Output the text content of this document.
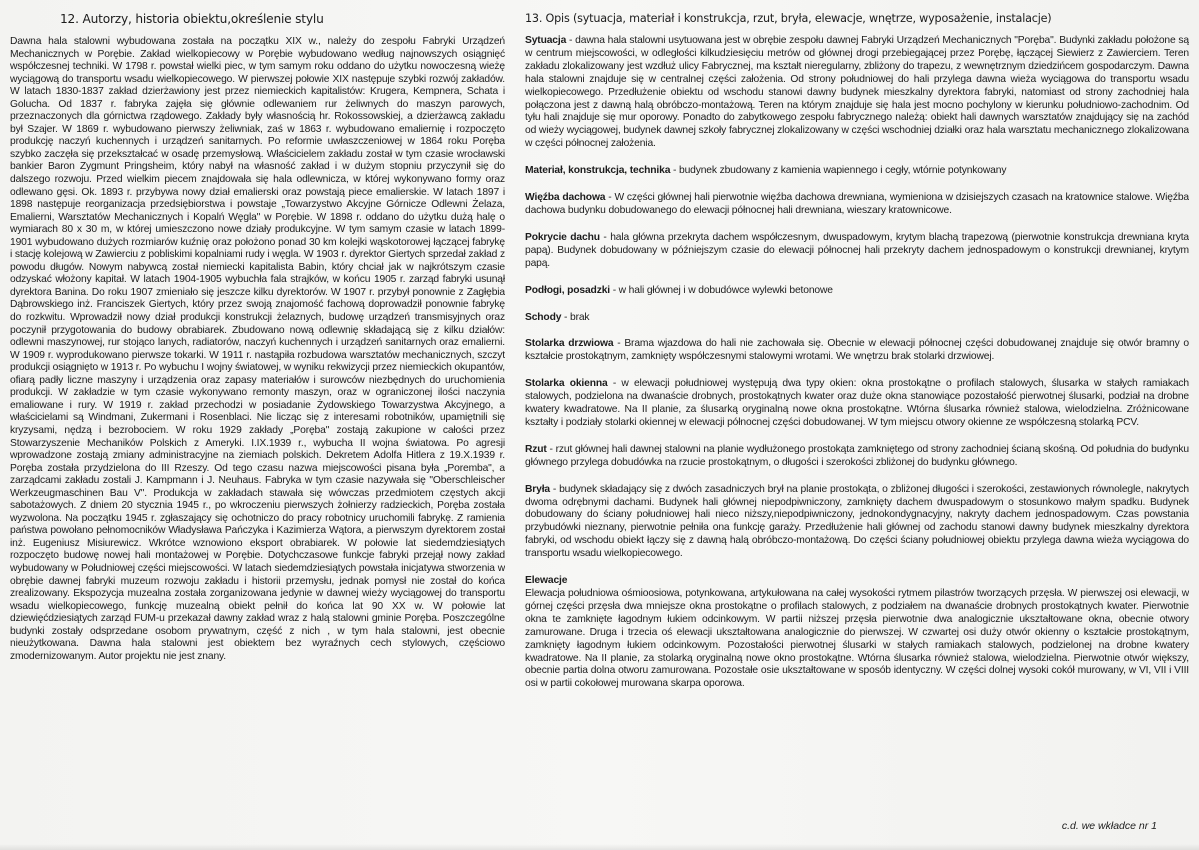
12. Autorzy, historia obiektu,określenie stylu

Dawna hala stalowni wybudowana została na początku XIX w., należy do zespołu Fabryki Urządzeń Mechanicznych w Porębie. Zakład wielkopiecowy w Porębie wybudowano według najnowszych osiągnięć współczesnej techniki. W 1798 r. powstał wielki piec, w tym samym roku oddano do użytku nowoczesną wieżę wyciągową do transportu wsadu wielkopiecowego. W pierwszej połowie XIX następuje szybki rozwój zakładów. W latach 1830-1837 zakład dzierżawiony jest przez niemieckich kapitalistów: Krugera, Kempnera, Schata i Golucha. Od 1837 r. fabryka zajęła się głównie odlewaniem rur żeliwnych do maszyn parowych, przeznaczonych dla górnictwa rządowego. Zakłady były własnością hr. Rokossowskiej, a dzierżawcą zakładu był Szajer. W 1869 r. wybudowano pierwszy żeliwniak, zaś w 1863 r. wybudowano emaliernię i rozpoczęto produkcję naczyń kuchennych i urządzeń sanitarnych. Po reformie uwłaszczeniowej w 1864 roku Poręba szybko zaczęła się przekształcać w osadę przemysłową. Właścicielem zakładu został w tym czasie wrocławski bankier Baron Zygmunt Pringsheim, który nabył na własność zakład i w dużym stopniu przyczynił się do dalszego rozwoju. Przed wielkim piecem znajdowała się hala odlewnicza, w której wykonywano formy oraz odlewano gęsi. Ok. 1893 r. przybywa nowy dział emalierski oraz powstają piece emalierskie. W latach 1897 i 1898 następuje reorganizacja przedsiębiorstwa i powstaje „Towarzystwo Akcyjne Górnicze Odlewni Żelaza, Emalierni, Warsztatów Mechanicznych i Kopalń Węgla" w Porębie. W 1898 r. oddano do użytku dużą halę o wymiarach 80 x 30 m, w której umieszczono nowe działy produkcyjne. W tym samym czasie w latach 1899-1901 wybudowano dużych rozmiarów kuźnię oraz położono ponad 30 km kolejki wąskotorowej łączącej fabrykę i stację kolejową w Zawierciu z pobliskimi kopalniami rudy i węgla. W 1903 r. dyrektor Giertych sprzedał zakład z powodu długów. Nowym nabywcą został niemiecki kapitalista Babin, który chciał jak w najkrótszym czasie odzyskać włożony kapitał. W latach 1904-1905 wybuchła fala strajków, w końcu 1905 r. zarząd fabryki usunął dyrektora Banina. Do roku 1907 zmieniało się jeszcze kilku dyrektorów. W 1907 r. przybył ponownie z Zagłębia Dąbrowskiego inż. Franciszek Giertych, który przez swoją znajomość fachową doprowadził ponownie fabrykę do rozkwitu. Wprowadził nowy dział produkcji konstrukcji żelaznych, budowę urządzeń transmisyjnych oraz poczynił przygotowania do budowy obrabiarek. Zbudowano nową odlewnię składającą się z kilku działów: odlewni maszynowej, rur stojąco lanych, radiatorów, naczyń kuchennych i urządzeń sanitarnych oraz emalierni. W 1909 r. wyprodukowano pierwsze tokarki. W 1911 r. nastąpiła rozbudowa warsztatów mechanicznych, szczyt produkcji osiągnięto w 1913 r. Po wybuchu I wojny światowej, w wyniku rekwizycji przez niemieckich okupantów, ofiarą padły liczne maszyny i urządzenia oraz zapasy materiałów i surowców niezbędnych do uruchomienia produkcji. W zakładzie w tym czasie wykonywano remonty maszyn, oraz w ograniczonej ilości naczynia emaliowane i rury. W 1919 r. zakład przechodzi w posiadanie Żydowskiego Towarzystwa Akcyjnego, a właścicielami są Windmani, Zukermani i Rosenblaci. Nie licząc się z interesami robotników, upamiętnili się kryzysami, nędzą i bezrobociem. W roku 1929 zakłady „Poręba" zostają zakupione w całości przez Stowarzyszenie Mechaników Polskich z Ameryki. I.IX.1939 r., wybucha II wojna światowa. Po agresji wprowadzone zostają zmiany administracyjne na ziemiach polskich. Dekretem Adolfa Hitlera z 19.X.1939 r. Poręba została przydzielona do III Rzeszy. Od tego czasu nazwa miejscowości pisana była „Poremba", a zarządcami zakładu zostali J. Kampmann i J. Neuhaus. Fabryka w tym czasie nazywała się "Oberschleischer Werkzeugmaschinen Bau V". Produkcja w zakładach stawała się wówczas przedmiotem częstych akcji sabotażowych. Z dniem 20 stycznia 1945 r., po wkroczeniu pierwszych żołnierzy radzieckich, Poręba została wyzwolona. Na początku 1945 r. zgłaszający się ochotniczo do pracy robotnicy uruchomili fabrykę. Z ramienia państwa powołano pełnomocników Władysława Pańczyka i Kazimierza Wątora, a pierwszym dyrektorem został inż. Eugeniusz Misiurewicz. Wkrótce wznowiono eksport obrabiarek. W połowie lat siedemdziesiątych rozpoczęto budowę nowej hali montażowej w Porębie. Dotychczasowe funkcje fabryki przejął nowy zakład wybudowany w Południowej części miejscowości. W latach siedemdziesiątych powstała inicjatywa stworzenia w obrębie dawnej fabryki muzeum rozwoju zakładu i historii przemysłu, jednak pomysł nie został do końca zrealizowany. Ekspozycja muzealna została zorganizowana jedynie w dawnej wieży wyciągowej do transportu wsadu wielkopiecowego, funkcję muzealną obiekt pełnił do końca lat 90 XX w. W połowie lat dziewięćdziesiątych zarząd FUM-u przekazał dawny zakład wraz z halą stalowni gminie Poręba. Poszczególne budynki zostały odsprzedane osobom prywatnym, część z nich , w tym hala stalowni, jest obecnie nieużytkowana. Dawna hala stalowni jest obiektem bez wyraźnych cech stylowych, częściowo zmodernizowanym. Autor projektu nie jest znany.

13. Opis (sytuacja, materiał i konstrukcja, rzut, bryła, elewacje, wnętrze, wyposażenie, instalacje)

Sytuacja - dawna hala stalowni usytuowana jest w obrębie zespołu dawnej Fabryki Urządzeń Mechanicznych "Poręba". Budynki zakładu położone są w centrum miejscowości, w odległości kilkudziesięciu metrów od głównej drogi przebiegającej przez Porębę, łączącej Siewierz z Zawierciem. Teren zakładu zlokalizowany jest wzdłuż ulicy Fabrycznej, ma kształt nieregularny, zbliżony do trapezu, z wewnętrznym dziedzińcem gospodarczym. Dawna hala stalowni znajduje się w centralnej części założenia. Od strony południowej do hali przylega dawna wieża wyciągowa do transportu wsadu wielkopiecowego. Przedłużenie obiektu od wschodu stanowi dawny budynek mieszkalny dyrektora fabryki, natomiast od strony zachodniej hala połączona jest z dawną halą obróbczo-montażową. Teren na którym znajduje się hala jest mocno pochylony w kierunku południowo-zachodnim. Od tyłu hali znajduje się mur oporowy. Ponadto do zabytkowego zespołu fabrycznego należą: obiekt hali dawnych warsztatów znajdujący się na zachód od wieży wyciągowej, budynek dawnej szkoły fabrycznej zlokalizowany w części wschodniej działki oraz hala warsztatu mechanicznego zlokalizowana w części północnej założenia.

Materiał, konstrukcja, technika - budynek zbudowany z kamienia wapiennego i cegły, wtórnie potynkowany

Więźba dachowa - W części głównej hali pierwotnie więźba dachowa drewniana, wymieniona w dzisiejszych czasach na kratownice stalowe. Więźba dachowa budynku dobudowanego do elewacji północnej hali drewniana, wieszary kratownicowe.

Pokrycie dachu - hala główna przekryta dachem współczesnym, dwuspadowym, krytym blachą trapezową (pierwotnie konstrukcja drewniana kryta papą). Budynek dobudowany w późniejszym czasie do elewacji północnej hali przekryty dachem jednospadowym o konstrukcji drewnianej, krytym papą.

Podłogi, posadzki - w hali głównej i w dobudówce wylewki betonowe

Schody - brak

Stolarka drzwiowa - Brama wjazdowa do hali nie zachowała się. Obecnie w elewacji północnej części dobudowanej znajduje się otwór bramny o kształcie prostokątnym, zamknięty współczesnymi stalowymi wrotami. We wnętrzu brak stolarki drzwiowej.

Stolarka okienna - w elewacji południowej występują dwa typy okien: okna prostokątne o profilach stalowych, ślusarka w stałych ramiakach stalowych, podzielona na dwanaście drobnych, prostokątnych kwater oraz duże okna stanowiące pozostałość pierwotnej ślusarki, podział na drobne kwatery kwadratowe. Na II planie, za ślusarką oryginalną nowe okna prostokątne. Wtórna ślusarka również stalowa, wielodzielna. Zróżnicowane kształty i podziały stolarki okiennej w elewacji północnej części dobudowanej. W tym miejscu otwory okienne ze współczesną stolarką PCV.

Rzut - rzut głównej hali dawnej stalowni na planie wydłużonego prostokąta zamkniętego od strony zachodniej ścianą skośną. Od południa do budynku głównego przylega dobudówka na rzucie prostokątnym, o długości i szerokości zbliżonej do budynku głównego.

Bryła - budynek składający się z dwóch zasadniczych brył na planie prostokąta, o zbliżonej długości i szerokości, zestawionych równolegle, nakrytych dwoma odrębnymi dachami. Budynek hali głównej niepodpiwniczony, zamknięty dachem dwuspadowym o stosunkowo małym spadku. Budynek dobudowany do ściany południowej hali nieco niższy,niepodpiwniczony, jednokondygnacyjny, nakryty dachem jednospadowym. Czas powstania przybudówki nieznany, pierwotnie pełniła ona funkcję garaży. Przedłużenie hali głównej od zachodu stanowi dawny budynek mieszkalny dyrektora fabryki, od wschodu obiekt łączy się z dawną halą obróbczo-montażową. Do części ściany południowej obiektu przylega dawna wieża wyciągowa do transportu wsadu wielkopiecowego.

Elewacje
Elewacja południowa ośmioosiowa, potynkowana, artykułowana na całej wysokości rytmem pilastrów tworzących przęsła. W pierwszej osi elewacji, w górnej części przęsła dwa mniejsze okna prostokątne o profilach stalowych, z podziałem na dwanaście drobnych prostokątnych kwater. Pierwotnie okna te zamknięte łagodnym łukiem odcinkowym. W partii niższej przęsła pierwotnie dwa analogicznie ukształtowane okna, obecnie otwory zamurowane. Druga i trzecia oś elewacji ukształtowana analogicznie do pierwszej. W czwartej osi duży otwór okienny o kształcie prostokątnym, zamknięty łagodnym łukiem odcinkowym. Pozostałości pierwotnej ślusarki w stałych ramiakach stalowych, podzielonej na drobne kwatery kwadratowe. Na II planie, za stolarką oryginalną nowe okno prostokątne. Wtórna ślusarka również stalowa, wielodzielna. Pierwotnie otwór większy, obecnie partia dolna otworu zamurowana. Pozostałe osie ukształtowane w sposób identyczny. W części dolnej wysoki cokół murowany, w VI, VII i VIII osi w partii cokołowej murowana skarpa oporowa.

c.d. we wkładce nr 1
